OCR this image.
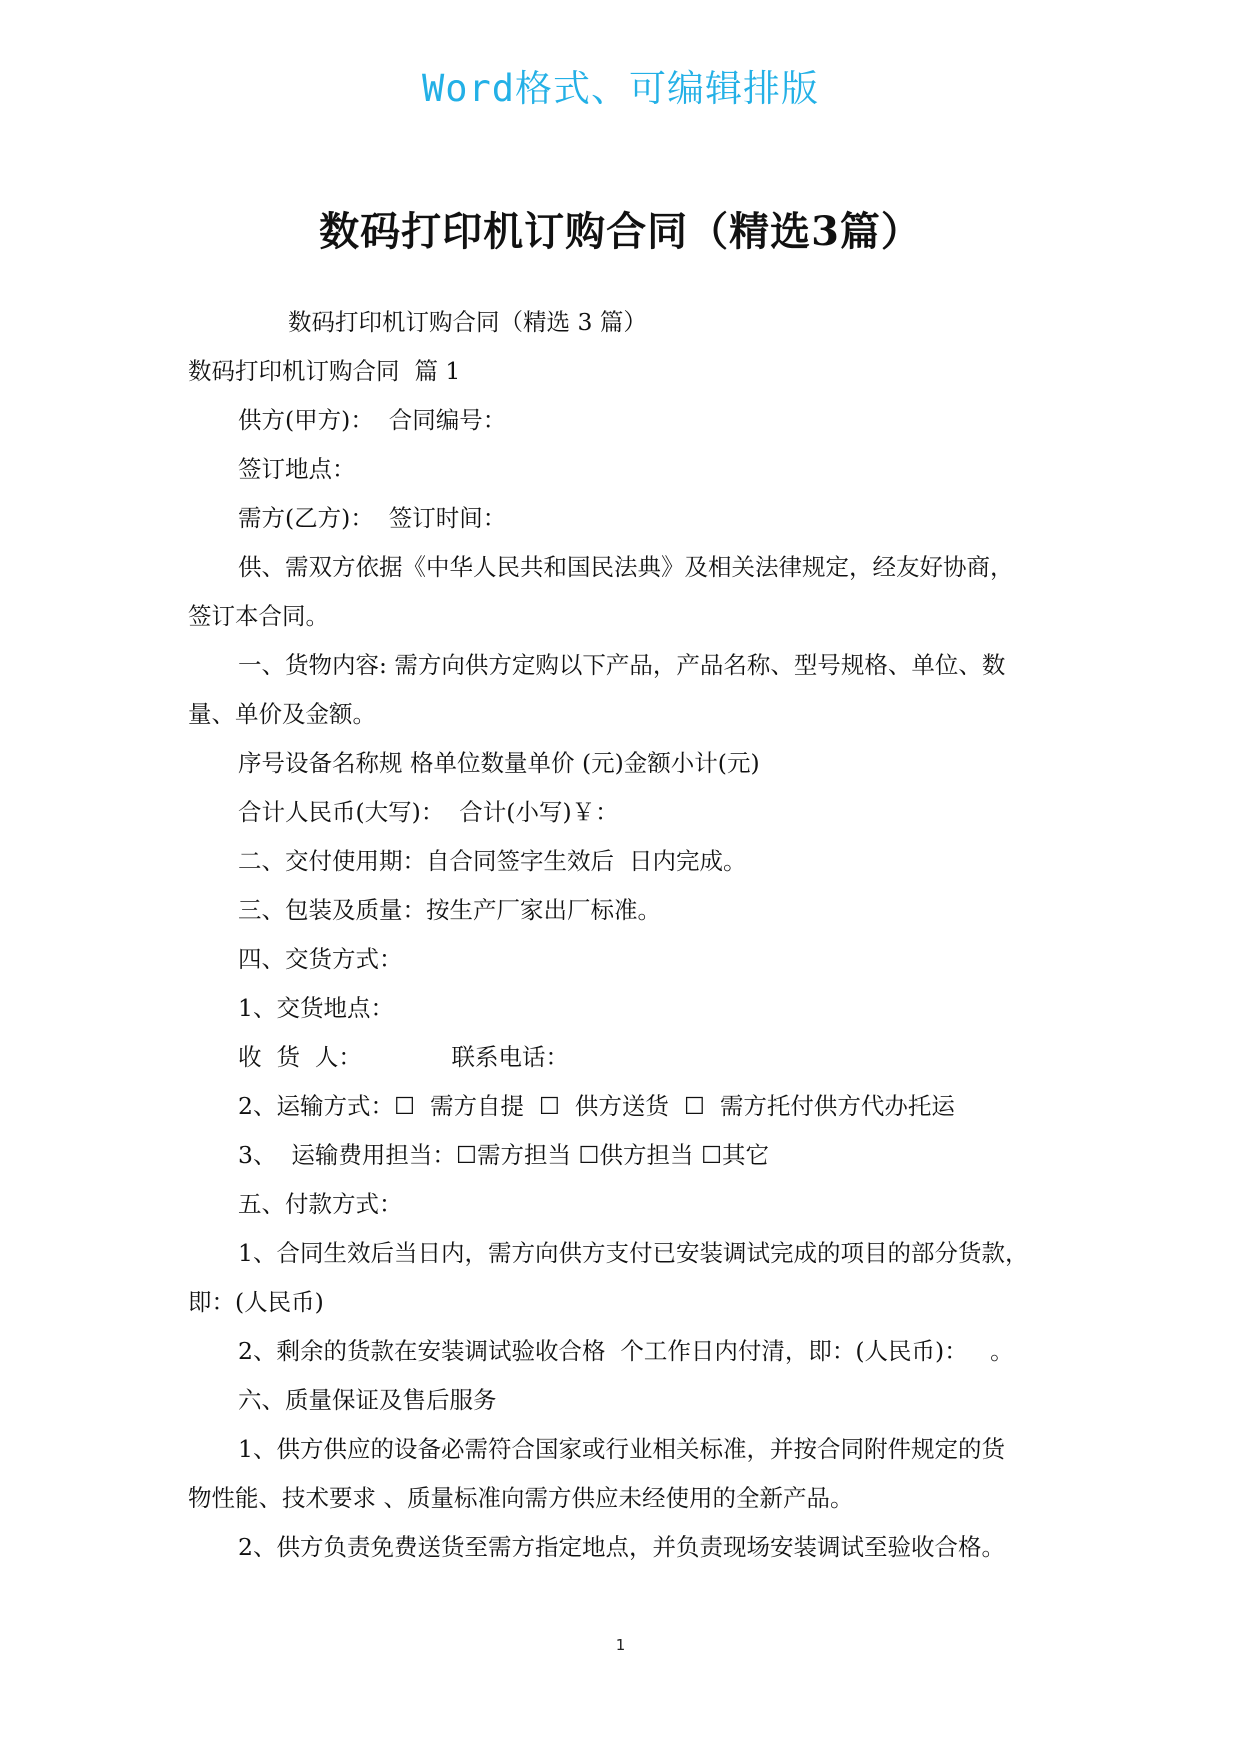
Word格式、可编辑排版
数码打印机订购合同（精选3篇）

数码打印机订购合同（精选 3 篇）

数码打印机订购合同  篇 1

供方(甲方)：  合同编号：

签订地点：

需方(乙方)：  签订时间：

供、需双方依据《中华人民共和国民法典》及相关法律规定，经友好协商，

签订本合同。

一、货物内容: 需方向供方定购以下产品，产品名称、型号规格、单位、数

量、单价及金额。

序号设备名称规 格单位数量单价 (元)金额小计(元)

合计人民币(大写)：  合计(小写)￥：

二、交付使用期：自合同签字生效后  日内完成。

三、包装及质量：按生产厂家出厂标准。

四、交货方式：

1、交货地点：

收  货  人：            联系电话：

2、运输方式：☐  需方自提  ☐  供方送货  ☐  需方托付供方代办托运

3、  运输费用担当：☐需方担当 ☐供方担当 ☐其它

五、付款方式：

1、合同生效后当日内，需方向供方支付已安装调试完成的项目的部分货款，

即：(人民币)

2、剩余的货款在安装调试验收合格  个工作日内付清，即：(人民币)：   。

六、质量保证及售后服务

1、供方供应的设备必需符合国家或行业相关标准，并按合同附件规定的货

物性能、技术要求 、质量标准向需方供应未经使用的全新产品。

2、供方负责免费送货至需方指定地点，并负责现场安装调试至验收合格。

1
